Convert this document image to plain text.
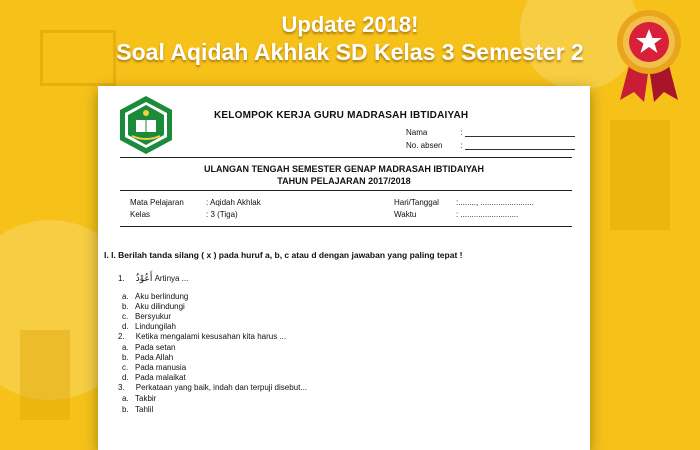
Update 2018!
Soal Aqidah Akhlak SD Kelas 3 Semester 2
KELOMPOK KERJA GURU MADRASAH IBTIDAIYAH
Nama	:
No. absen :
ULANGAN TENGAH SEMESTER GENAP MADRASAH IBTIDAIYAH
TAHUN PELAJARAN 2017/2018
Mata Pelajaran	: Aqidah Akhlak
Kelas	: 3 (Tiga)
Hari/Tanggal :........, ........................
Waktu	: ..........................
I. I. Berilah tanda silang ( x ) pada huruf a, b, c atau d dengan jawaban yang paling tepat !
1. أَعُوْذُ Artinya ...
a. Aku berlindung
b. Aku dilindungi
c. Bersyukur
d. Lindungilah
2. Ketika mengalami kesusahan kita harus ...
a. Pada setan
b. Pada Allah
c. Pada manusia
d. Pada malaikat
3. Perkataan yang baik, indah dan terpuji disebut...
a. Takbir
b. Tahlil
